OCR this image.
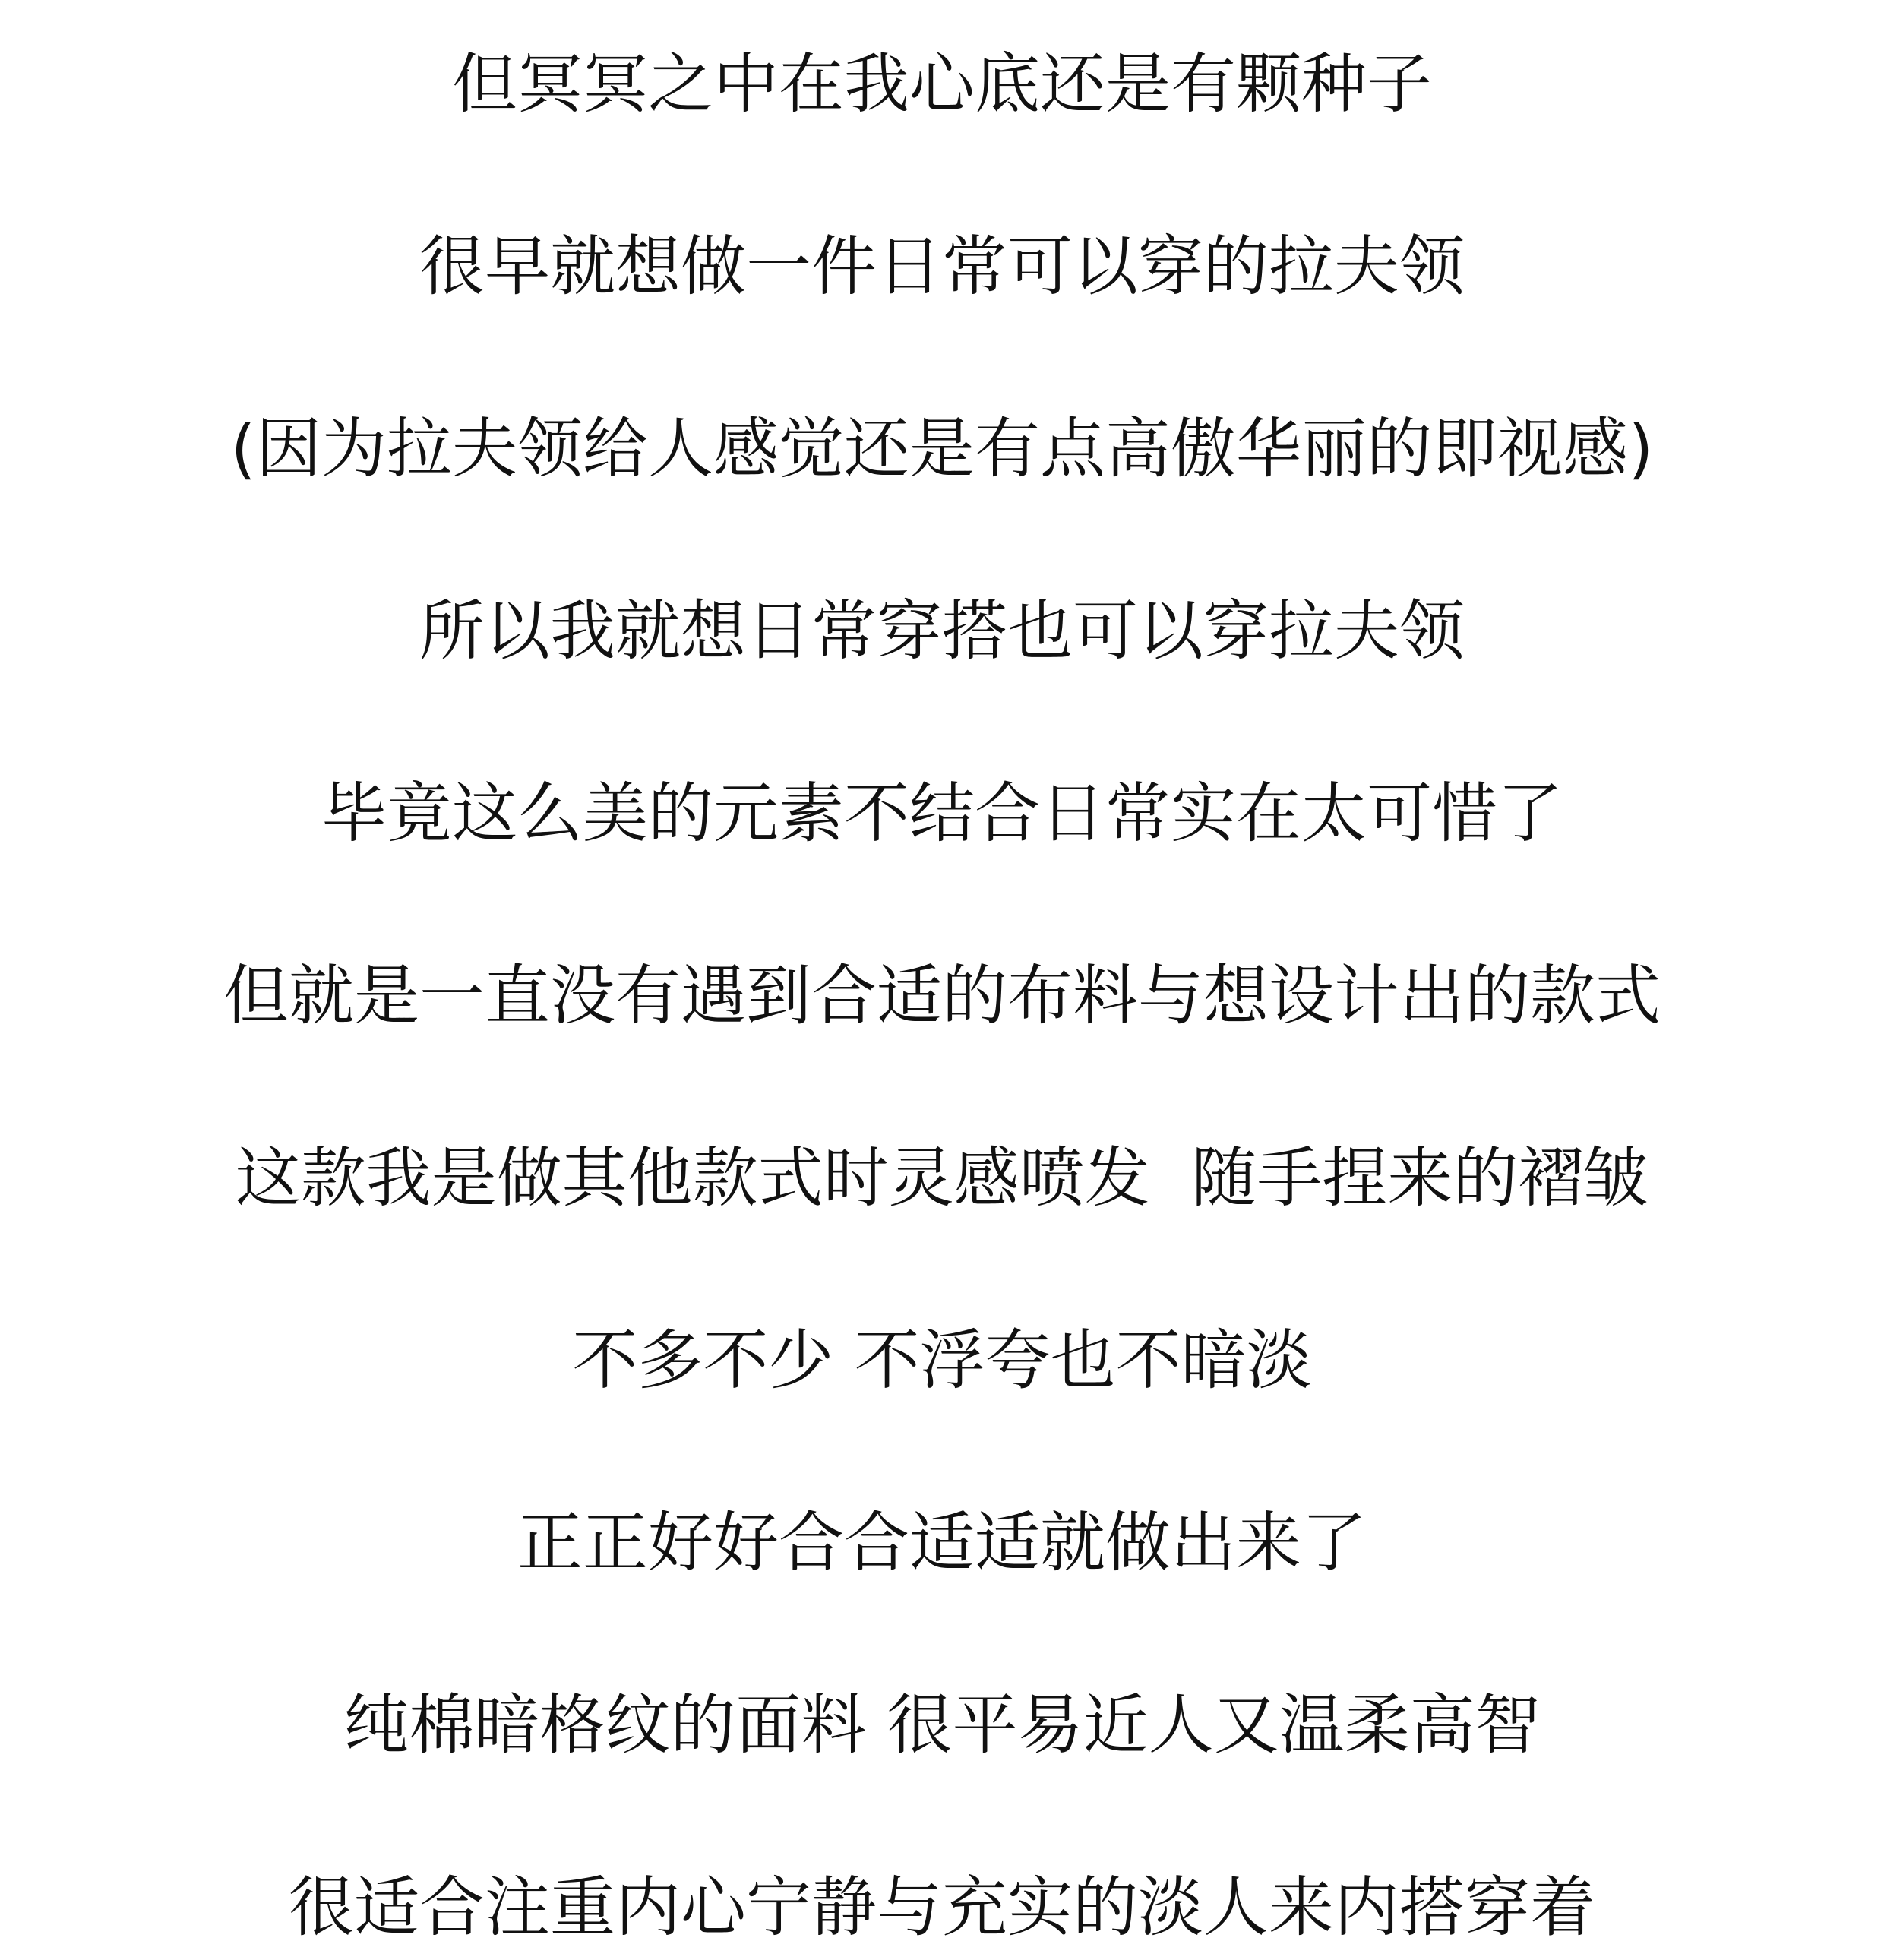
但冥冥之中在我心底还是有颗种子
很早就想做一件日常可以穿的拉夫领
(因为拉夫领给人感觉还是有点高傲华丽的即视感)
所以我就想日常穿搭也可以穿拉夫领
毕竟这么美的元素不结合日常实在太可惜了
但就是一直没有遇到合适的布料与想设计出的款式
这款我是做其他款式时灵感喷发  随手捏来的褶皱
不多不少 不浮夸也不暗淡
正正好好合合适适就做出来了
纯棉暗格纹的面料 很平易近人又温柔高智
很适合注重内心宁静与充实的淡人来内搭穿着
